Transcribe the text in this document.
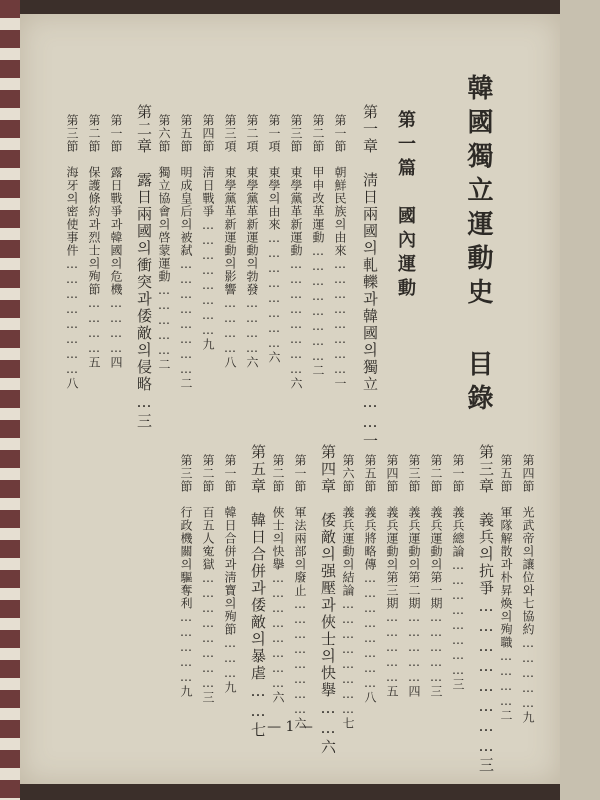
韓國獨立運動史 目錄
第一篇　國內運動
第一章　淸日兩國의軋轢과韓國의獨立……一
第一節　朝鮮民族의由來……………………一
第二節　甲申改革運動……………………二
第三節　東學黨革新運動……………………六
第一項　東學의由來……………………六
第二項　東學黨革新運動의勃發…………六
第三項　東學黨革新運動의影響…………八
第四節　淸日戰爭……………………九
第五節　明成皇后의被弑……………………二
第六節　獨立協會의啓蒙運動……………二
第二章　露日兩國의衝突과倭敵의侵略…三
第一節　露日戰爭과韓國의危機…………四
第二節　保護條約과烈士의殉節…………五
第三節　海牙의密使事件……………………八
第四節　光武帝의讓位와七協約……………九
第五節　軍隊解散과朴昇煥의殉職…………二
第三章　義兵의抗爭……………………三
第一節　義兵總論……………………三
第二節　義兵運動의第一期……………三
第三節　義兵運動의第二期……………四
第四節　義兵運動의第三期……………五
第五節　義兵將略傳……………………八
第六節　義兵運動의結論……………………七
第四章　倭敵의强壓과俠士의快擧……六
第一節　軍法兩部의廢止……………………六
第二節　俠士의快擧……………………六
第五章　韓日合併과倭敵의暴虐……七
第一節　韓日合併과淸寶의殉節………九
第二節　百五人寃獄……………………三
第三節　行政機關의驅奪利……………九
— 1 —
